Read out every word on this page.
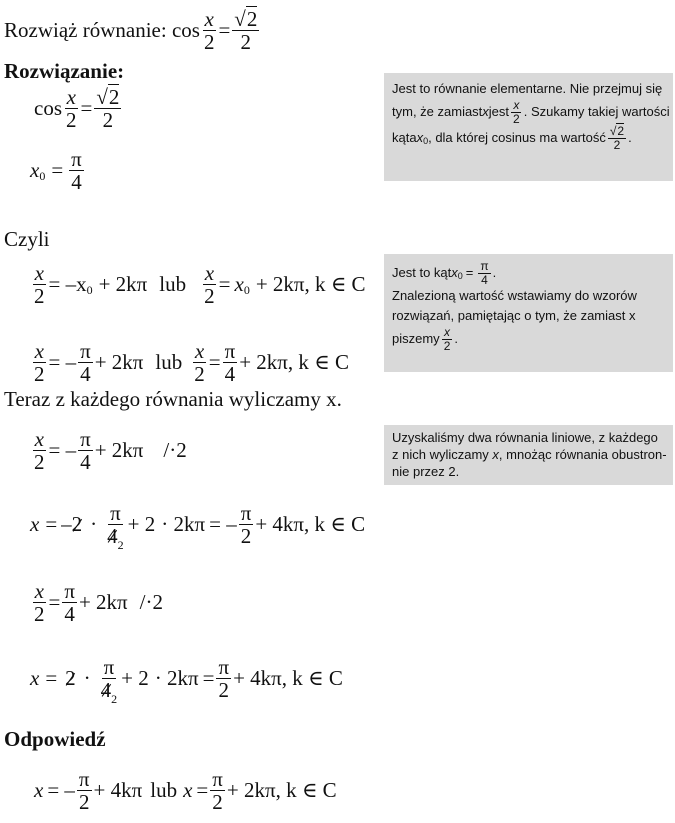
Rozwiąż równanie: $\cos \frac{x}{2} = \frac{√2}{2}$
Rozwiązanie:
$\cos \frac{x}{2} = \frac{√2}{2}$
x $0 = \frac{\pi}{4}$
Czyli
$\frac{x}{2} = -x$ 0 + 2kπ lub $\frac{x}{2} = x$ 0 + 2kπ , k ∈ C
$\frac{x}{2}$ = – $\frac{\pi}{4} + 2k\pi$ lub $\frac{x}{2} = \frac{\pi}{4} + 2k\pi$ , k ∈ C
Teraz z każdego równania wyliczamy x.
$\frac{x}{2}$ = – $\frac{\pi}{4} + 2k\pi$ /·2
x = – $2 \cdot \frac{\pi}{4_2} + 2 \cdot 2k\pi$ = – $\frac{\pi}{2} + 4k\pi$ , k ∈ C
$\frac{x}{2} = \frac{\pi}{4} + 2k\pi$ /·2
$x = 2 \cdot \frac{\pi}{4_2} + 2 \cdot 2k\pi = \frac{\pi}{2} + 4k\pi$ , k ∈ C
Odpowiedź
x = – $\frac{\pi}{2} + 4k\pi$ lub $x = \frac{\pi}{2} + 2k\pi$ , k ∈ C
Jest to równanie elementarne. Nie przejmuj się
tym, że zamiast x jest $\frac{x}{2}$ . Szukamy takiej wartości
kąta x 0 , dla której cosinus ma wartość $\frac{√2}{2}$ .
Jest to kąt x $0 = \frac{\pi}{4}$ .
Znalezioną wartość wstawiamy do wzorów
rozwiązań, pamiętając o tym, że zamiast x
piszemy $\frac{x}{2}$ .
Uzyskaliśmy dwa równania liniowe, z każdego
z nich wyliczamy x, mnożąc równania obustron-
nie przez 2.
